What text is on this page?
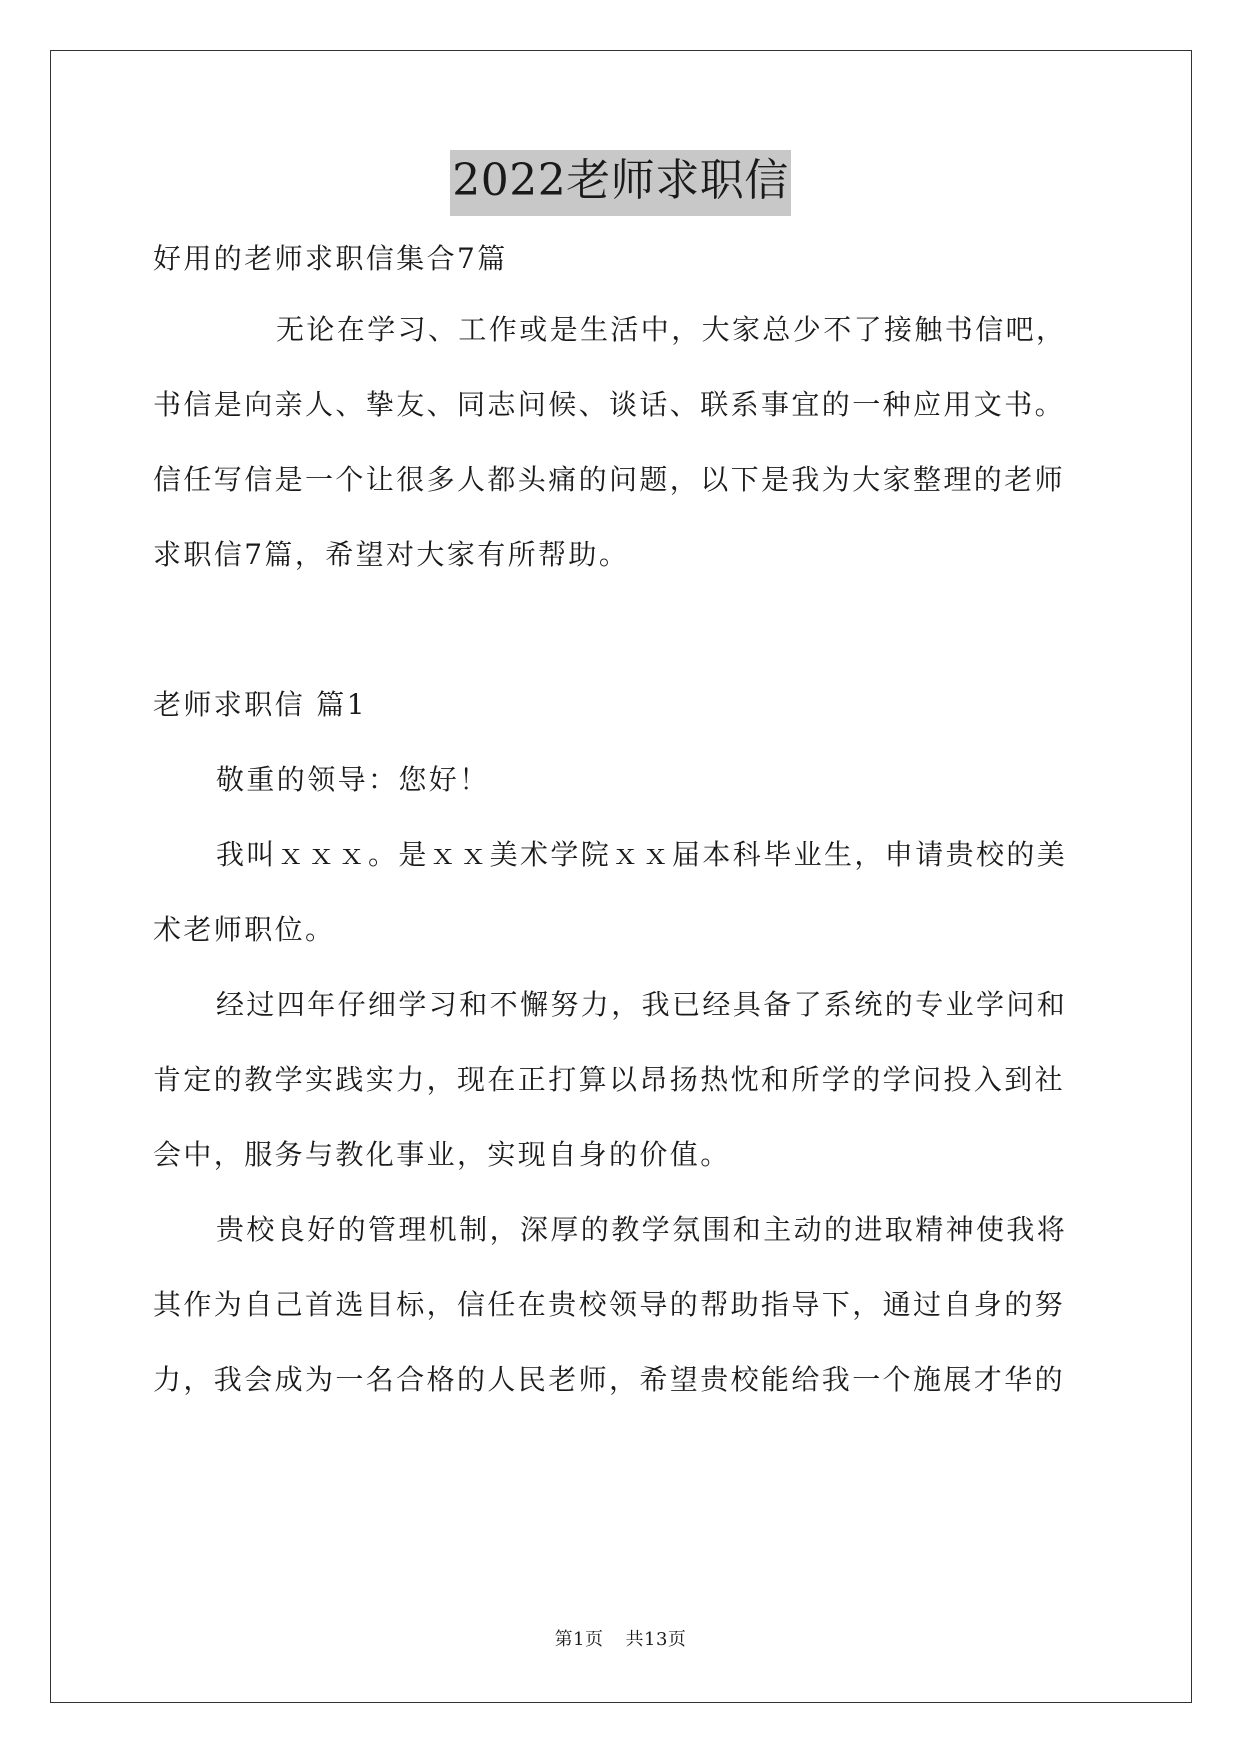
2022老师求职信
好用的老师求职信集合7篇
无论在学习、工作或是生活中，大家总少不了接触书信吧，
书信是向亲人、挚友、同志问候、谈话、联系事宜的一种应用文书。
信任写信是一个让很多人都头痛的问题，以下是我为大家整理的老师
求职信7篇，希望对大家有所帮助。
老师求职信 篇1
敬重的领导：您好！
我叫ｘｘｘ。是ｘｘ美术学院ｘｘ届本科毕业生，申请贵校的美
术老师职位。
经过四年仔细学习和不懈努力，我已经具备了系统的专业学问和
肯定的教学实践实力，现在正打算以昂扬热忱和所学的学问投入到社
会中，服务与教化事业，实现自身的价值。
贵校良好的管理机制，深厚的教学氛围和主动的进取精神使我将
其作为自己首选目标，信任在贵校领导的帮助指导下，通过自身的努
力，我会成为一名合格的人民老师，希望贵校能给我一个施展才华的
第1页 共13页
